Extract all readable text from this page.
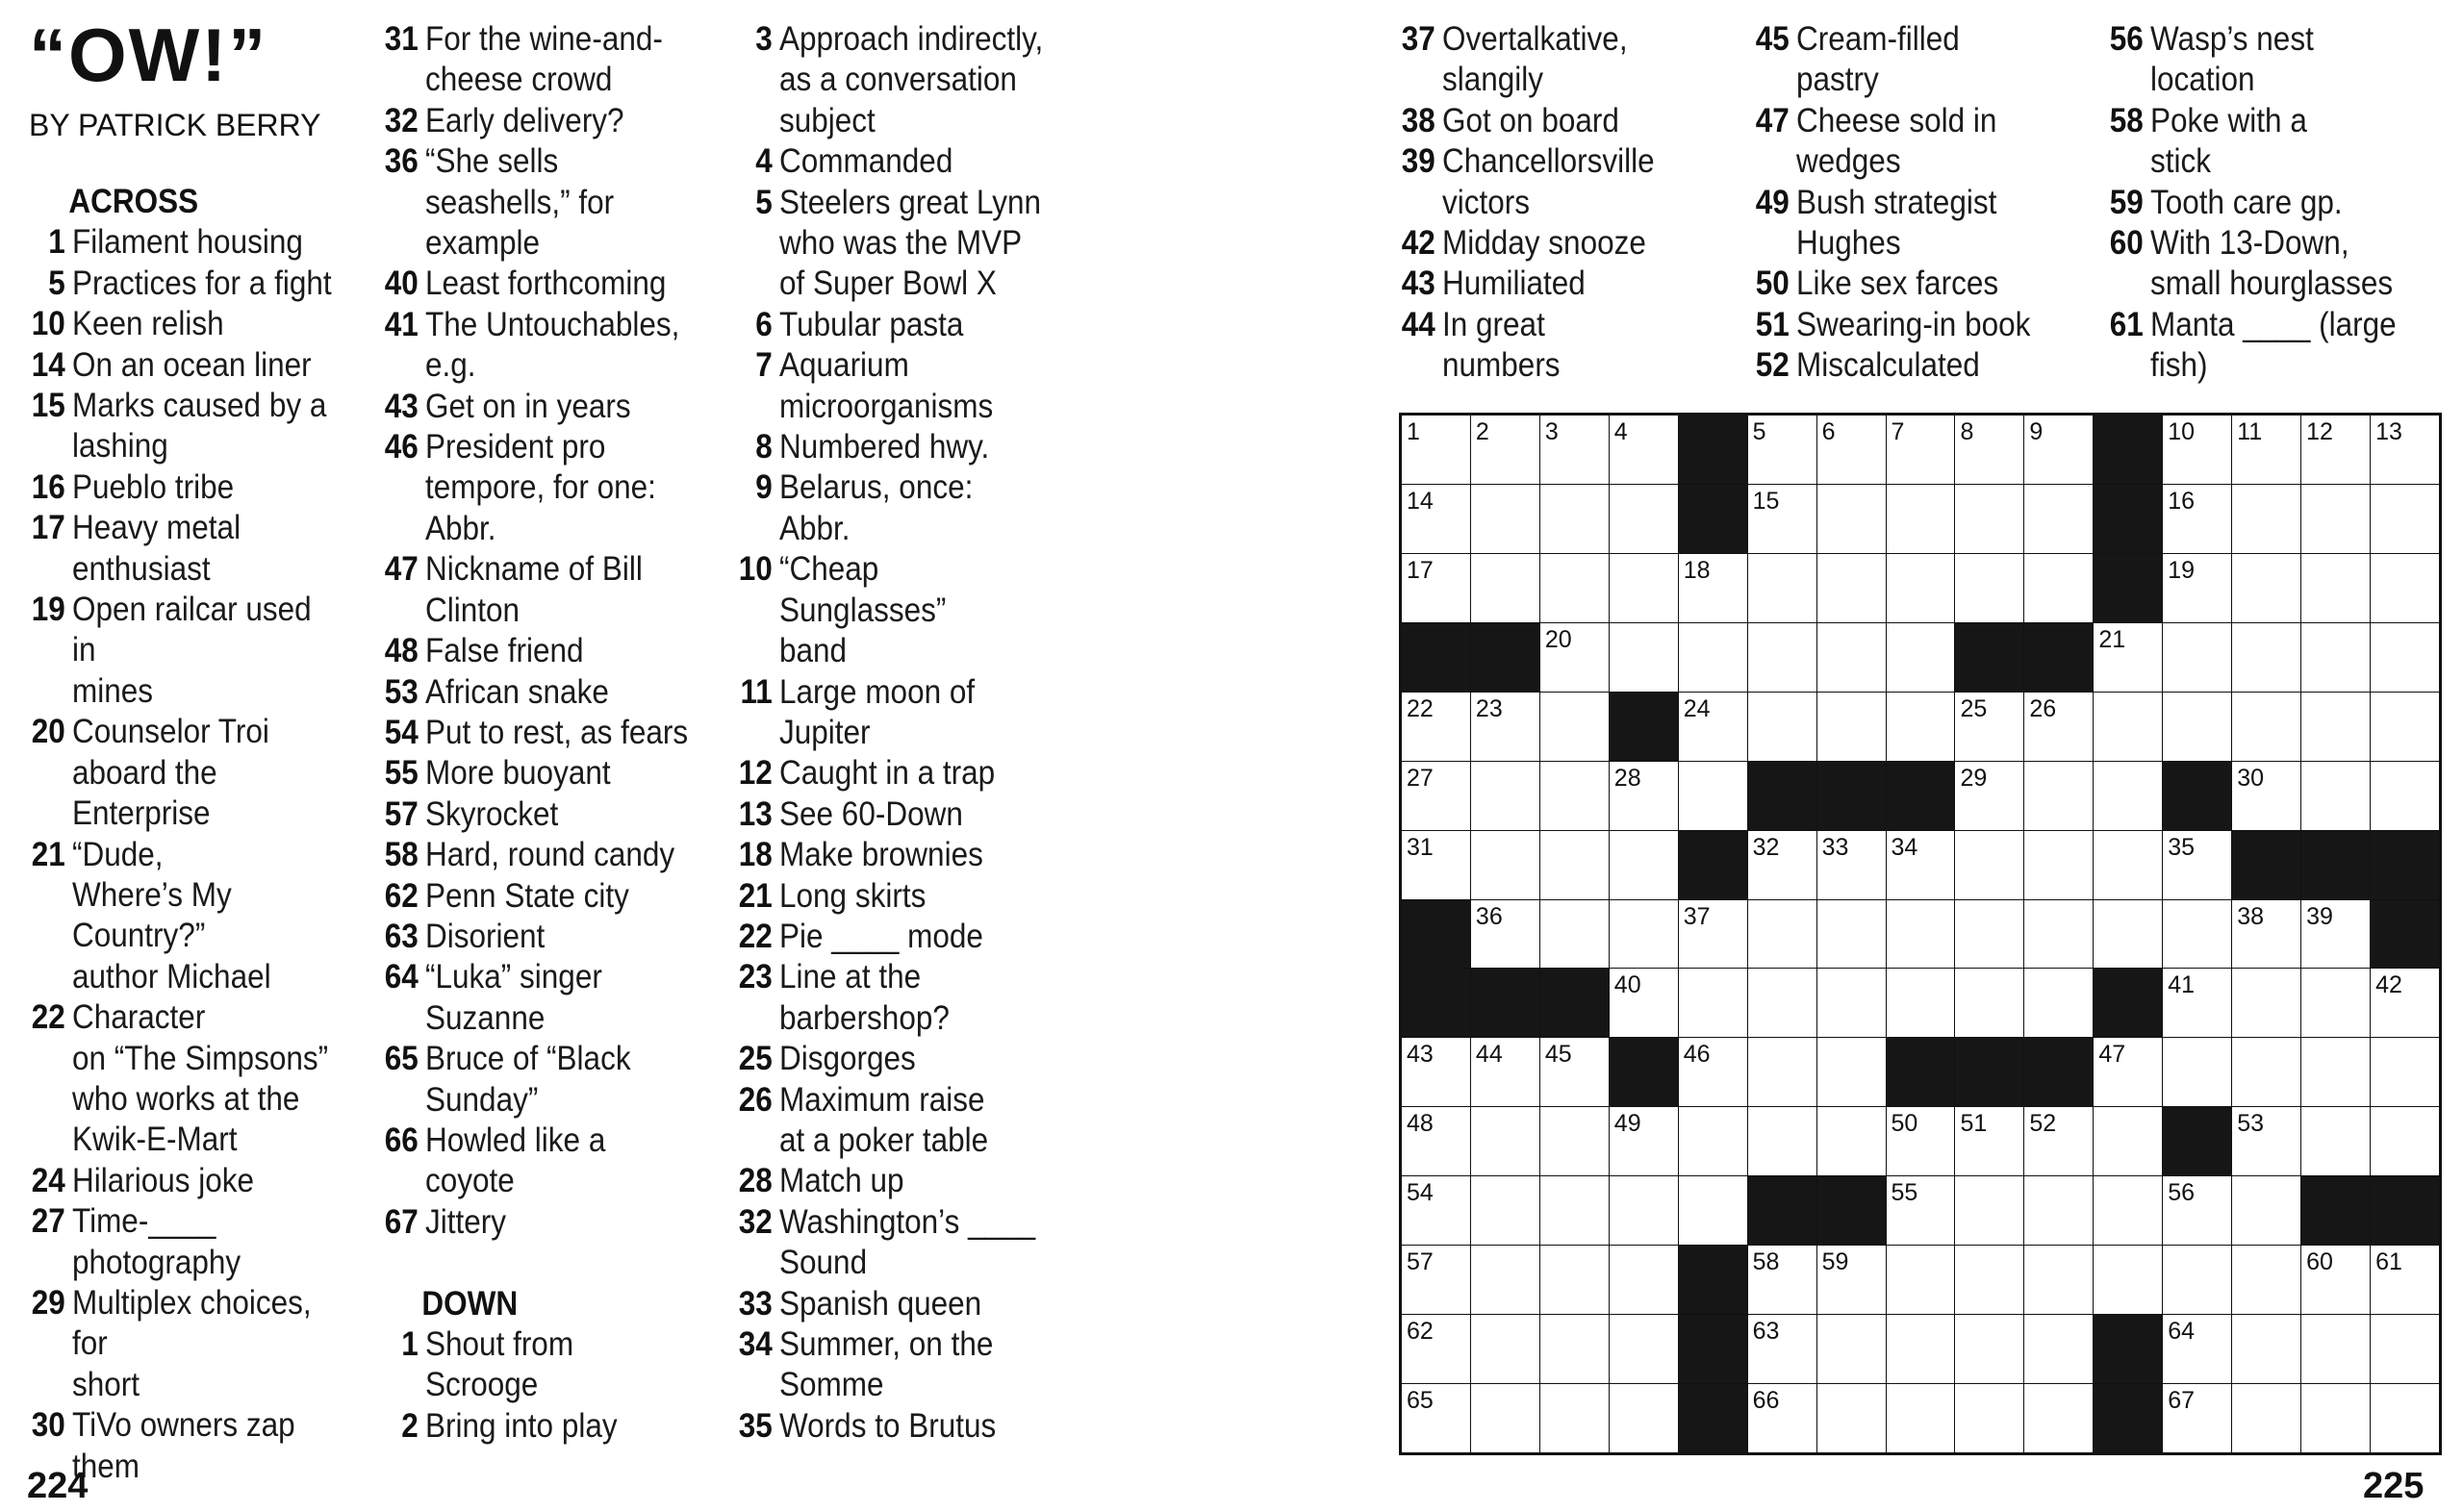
“OW!”
BY PATRICK BERRY
ACROSS
1 Filament housing
5 Practices for a fight
10 Keen relish
14 On an ocean liner
15 Marks caused by a
lashing
16 Pueblo tribe
17 Heavy metal
enthusiast
19 Open railcar used in
mines
20 Counselor Troi
aboard the
Enterprise
21 “Dude,
Where’s My
Country?”
author Michael
22 Character
on “The Simpsons”
who works at the
Kwik-E-Mart
24 Hilarious joke
27 Time-____
photography
29 Multiplex choices,
for
short
30 TiVo owners zap
them
31 For the wine-and-
cheese crowd
32 Early delivery?
36 “She sells
seashells,” for
example
40 Least forthcoming
41 The Untouchables,
e.g.
43 Get on in years
46 President pro
tempore, for one:
Abbr.
47 Nickname of Bill
Clinton
48 False friend
53 African snake
54 Put to rest, as fears
55 More buoyant
57 Skyrocket
58 Hard, round candy
62 Penn State city
63 Disorient
64 “Luka” singer
Suzanne
65 Bruce of “Black
Sunday”
66 Howled like a
coyote
67 Jittery
DOWN
1 Shout from
Scrooge
2 Bring into play
3 Approach indirectly,
as a conversation
subject
4 Commanded
5 Steelers great Lynn
who was the MVP
of Super Bowl X
6 Tubular pasta
7 Aquarium
microorganisms
8 Numbered hwy.
9 Belarus, once:
Abbr.
10 “Cheap
Sunglasses”
band
11 Large moon of
Jupiter
12 Caught in a trap
13 See 60-Down
18 Make brownies
21 Long skirts
22 Pie ____ mode
23 Line at the
barbershop?
25 Disgorges
26 Maximum raise
at a poker table
28 Match up
32 Washington’s ____
Sound
33 Spanish queen
34 Summer, on the
Somme
35 Words to Brutus
37 Overtalkative,
slangily
38 Got on board
39 Chancellorsville
victors
42 Midday snooze
43 Humiliated
44 In great
numbers
45 Cream-filled
pastry
47 Cheese sold in
wedges
49 Bush strategist
Hughes
50 Like sex farces
51 Swearing-in book
52 Miscalculated
56 Wasp’s nest
location
58 Poke with a
stick
59 Tooth care gp.
60 With 13-Down,
small hourglasses
61 Manta ____ (large
fish)
1 2 3 4	5 6 7 8 9	10 11 12 13
14	15	16
17	18	19
20	21
22 23	24	25 26
27	28	29	30
31	32 33 34	35
36	37	38 39
40	41	42
43 44 45	46	47
48	49	50 51 52	53
54	55	56
57	58 59	60 61
62	63	64
65	66	67
224	225
